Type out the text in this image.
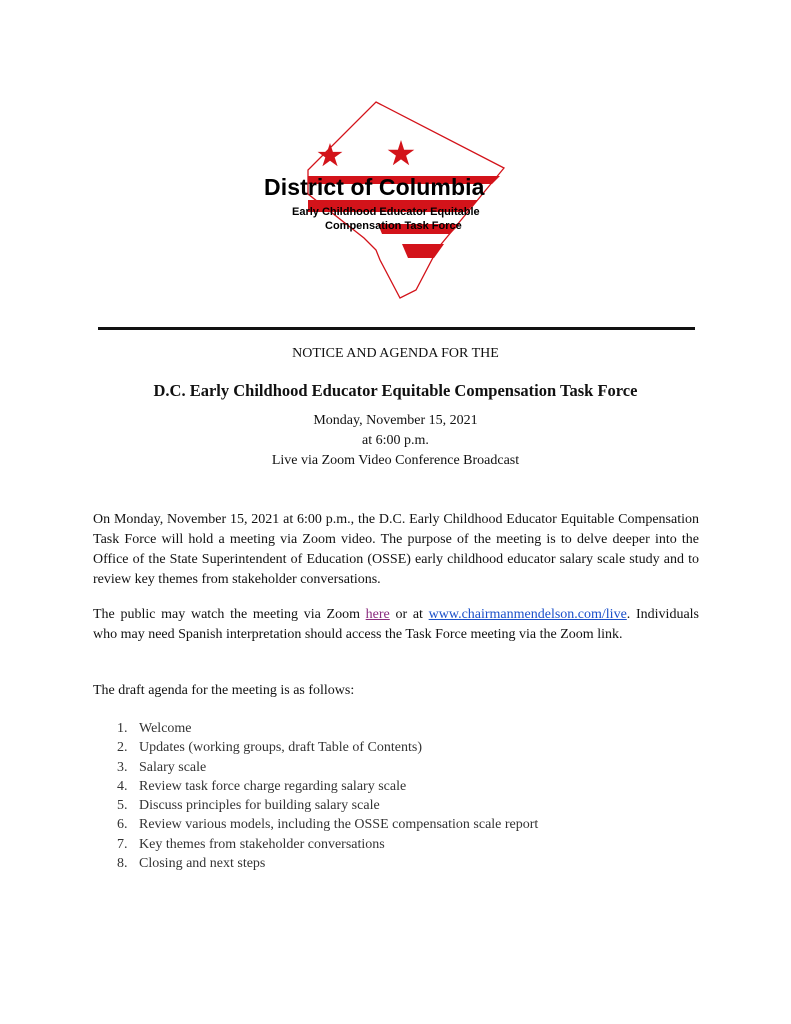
District of Columbia
Early Childhood Educator Equitable
Compensation Task Force
NOTICE AND AGENDA FOR THE
D.C. Early Childhood Educator Equitable Compensation Task Force
Monday, November 15, 2021
at 6:00 p.m.
Live via Zoom Video Conference Broadcast
On Monday, November 15, 2021 at 6:00 p.m., the D.C. Early Childhood Educator Equitable Compensation Task Force will hold a meeting via Zoom video. The purpose of the meeting is to delve deeper into the Office of the State Superintendent of Education (OSSE) early childhood educator salary scale study and to review key themes from stakeholder conversations.
The public may watch the meeting via Zoom here or at www.chairmanmendelson.com/live. Individuals who may need Spanish interpretation should access the Task Force meeting via the Zoom link.
The draft agenda for the meeting is as follows:
1. Welcome
2. Updates (working groups, draft Table of Contents)
3. Salary scale
4. Review task force charge regarding salary scale
5. Discuss principles for building salary scale
6. Review various models, including the OSSE compensation scale report
7. Key themes from stakeholder conversations
8. Closing and next steps
